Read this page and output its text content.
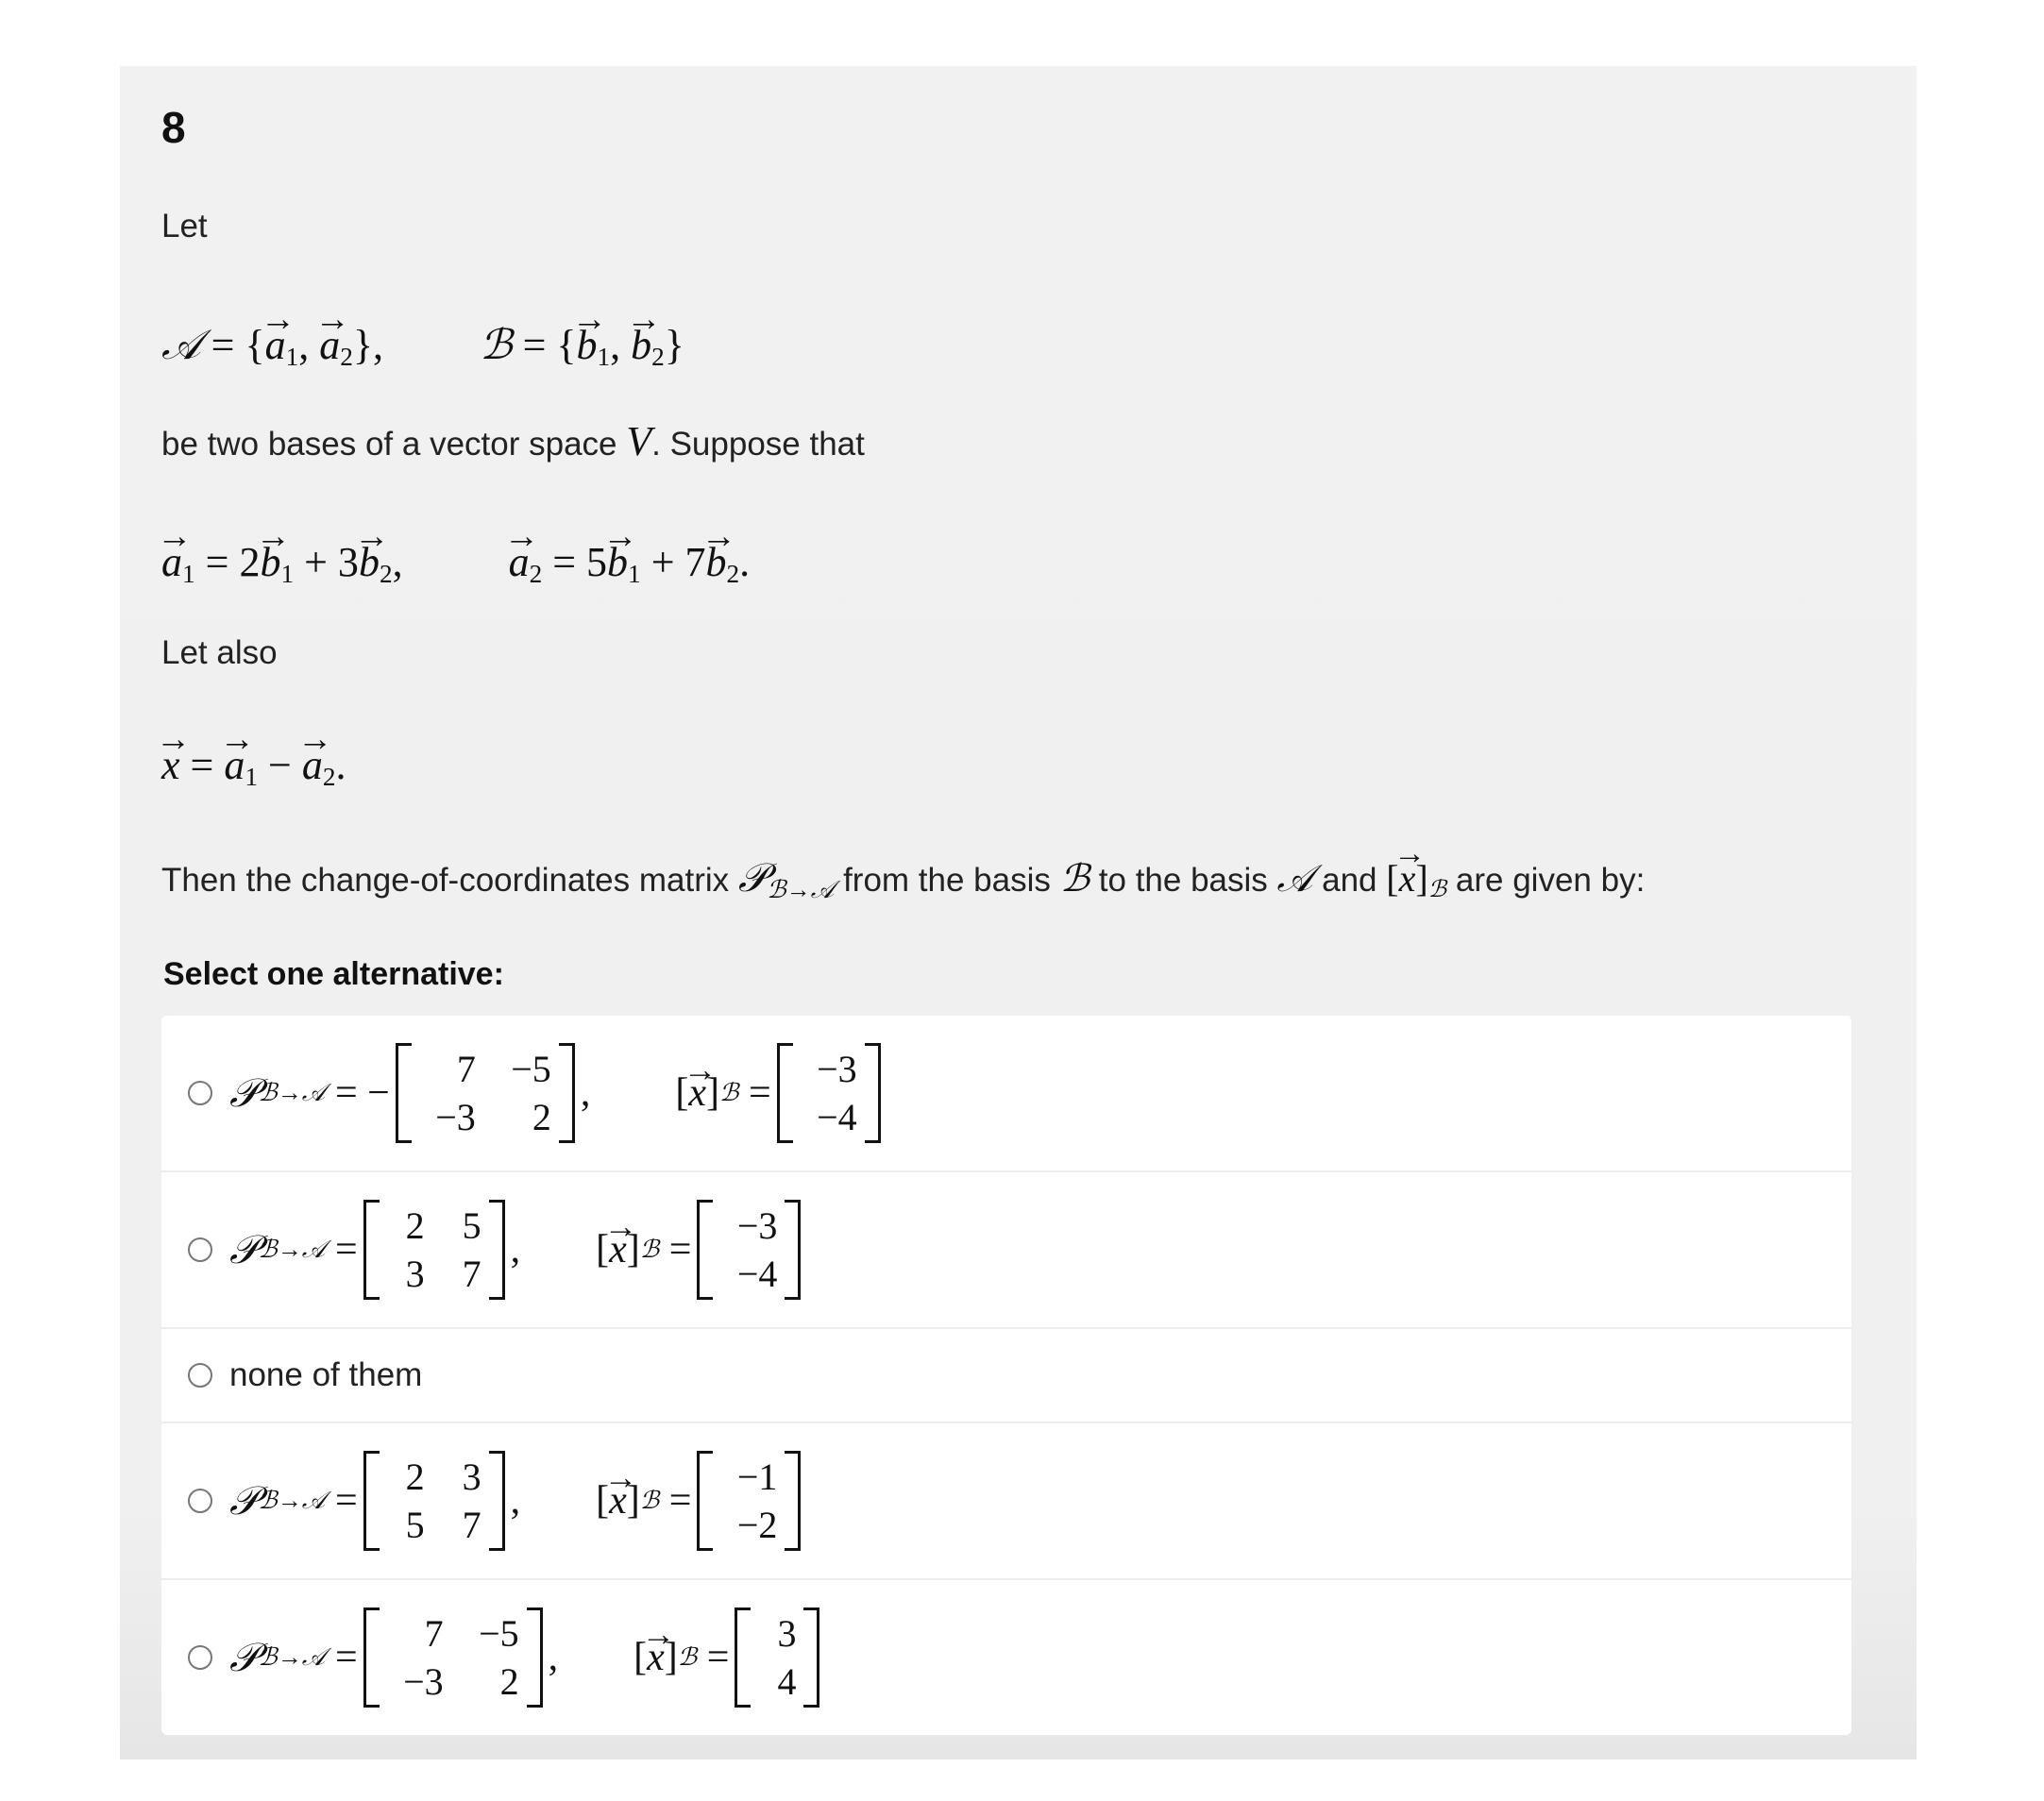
8
Let
𝒜 = {→ $a_1$, → $a_2$},  ℬ = {→ $b_1$, → $b_2$}
be two bases of a vector space V. Suppose that
→ $a_1 = 2\to b_1 + 3\to b_2$,  → $a_2 = 5\to b_1 + 7\to b_2$.
Let also
→ x = → $a_1$ − → $a_2$.
Then the change-of-coordinates matrix 𝒫$_{ℬ\to 𝒜}$ from the basis ℬ to the basis 𝒜 and [→ $x]_ℬ$ are given by:
Select one alternative:
𝒫 ℬ→𝒜 = −
7 −5
−3	2
,
[ → x ] ℬ =
−3
−4
𝒫 ℬ→𝒜 =
2	5
3	7
,
[ → x ] ℬ =
−3
−4
none of them
𝒫 ℬ→𝒜 =
2	3
5	7
,
[ → x ] ℬ =
−1
−2
𝒫 ℬ→𝒜 =
7 −5
−3	2
,
[ → x ] ℬ =
3
4
